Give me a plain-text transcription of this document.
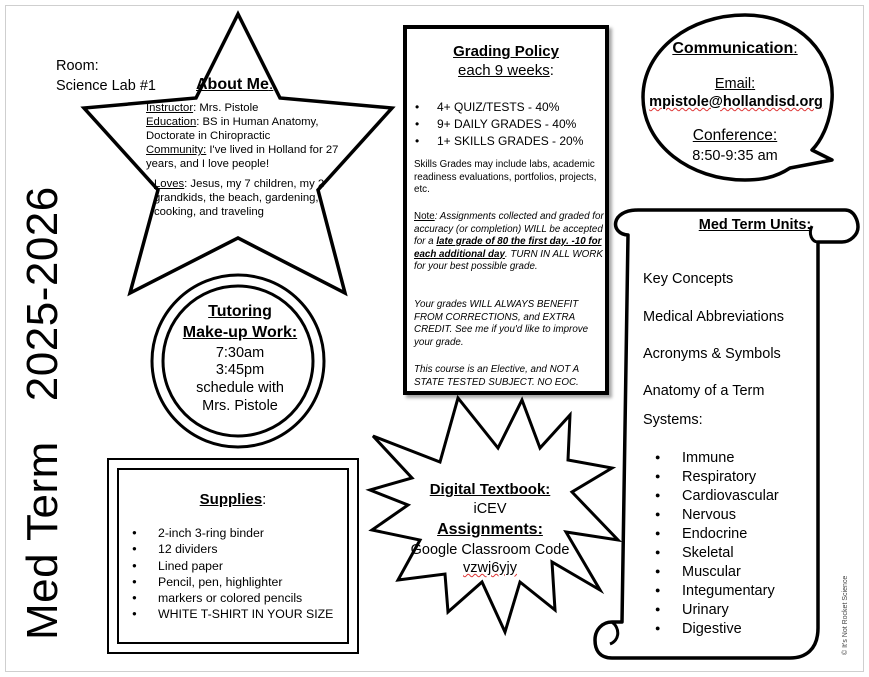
Med Term2025-2026
Room:
Science Lab #1	About Me:

Instructor: Mrs. Pistole

Education: BS in Human Anatomy, Doctorate in Chiropractic

Community: I've lived in Holland for 27 years, and I love people!

Loves: Jesus, my 7 children, my 2 grandkids, the beach, gardening, cooking, and traveling

Grading Policy
each 9 weeks:
• 4+ QUIZ/TESTS - 40%
• 9+ DAILY GRADES - 40%
• 1+ SKILLS GRADES - 20%
Skills Grades may include labs, academic readiness evaluations, portfolios, projects, etc.
Note: Assignments collected and graded for accuracy (or completion) WILL be accepted for a late grade of 80 the first day. -10 for each additional day. TURN IN ALL WORK for your best possible grade.
Your grades WILL ALWAYS BENEFIT FROM CORRECTIONS, and EXTRA CREDIT. See me if you'd like to improve your grade.
This course is an Elective, and NOT A STATE TESTED SUBJECT. NO EOC.
Communication:
Email:
mpistole@hollandisd.org
Conference:
8:50-9:35 am
Med Term Units:
Key Concepts
Medical Abbreviations
Acronyms & Symbols
Anatomy of a Term
Systems:
● Immune
● Respiratory
● Cardiovascular
● Nervous
● Endocrine
● Skeletal
● Muscular
● Integumentary
● Urinary
● Digestive
Tutoring
Make-up Work:
7:30am
3:45pm
schedule with
Mrs. Pistole
Supplies:
● 2-inch 3-ring binder
● 12 dividers
● Lined paper
● Pencil, pen, highlighter
● markers or colored pencils
● WHITE T-SHIRT IN YOUR SIZE
Digital Textbook:
iCEV
Assignments:
Google Classroom Code
vzwj6yjy
© It's Not Rocket Science
